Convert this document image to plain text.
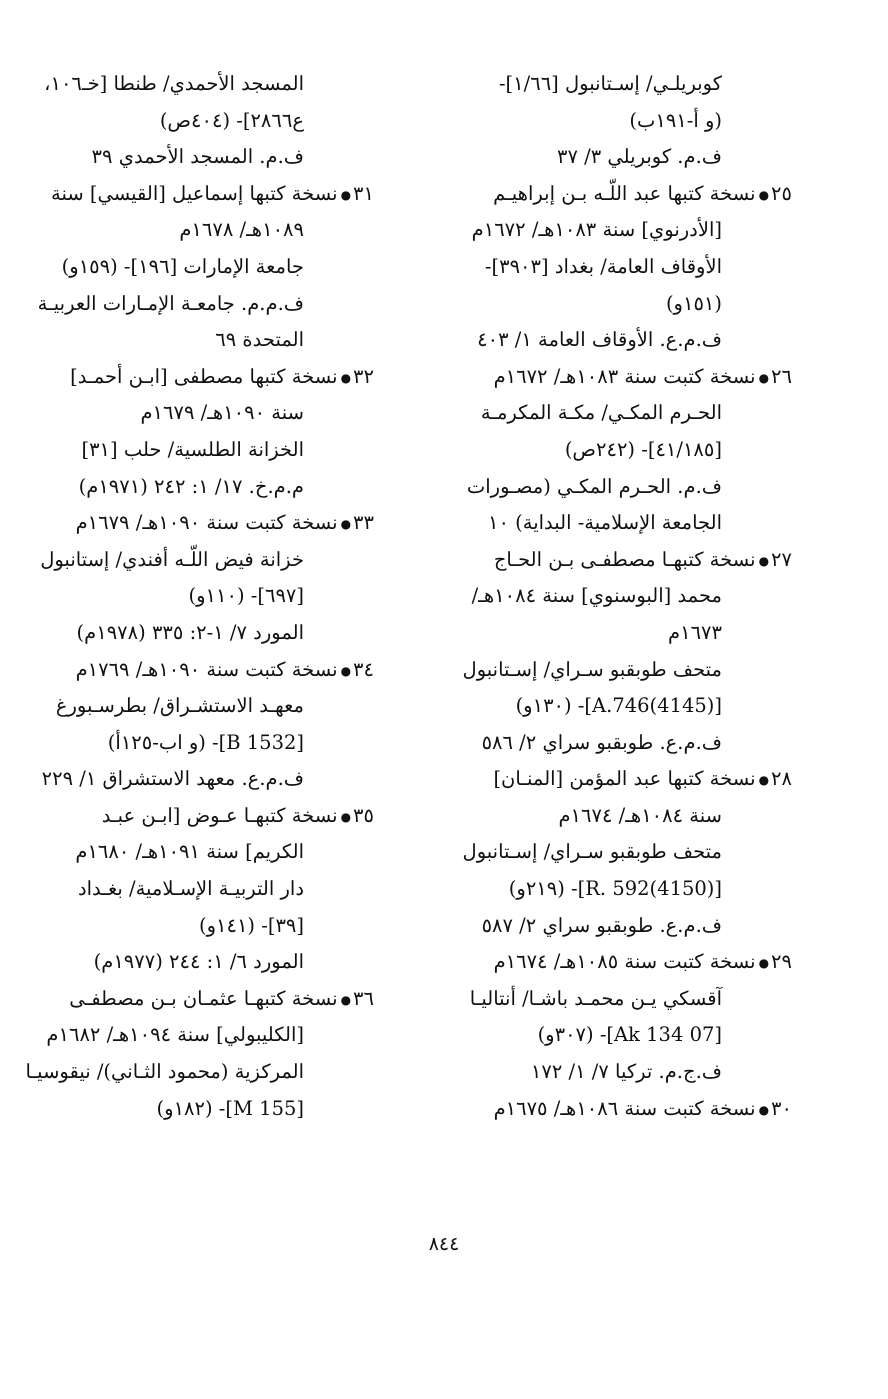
كوبريلـي/ إسـتانبول [١/٦٦]-
(و أ-١٩١ب)
ف.م. كوبريلي ٣/ ٣٧
٢٥●نسخة كتبها عبد اللّـه بـن إبراهيـم
[الأدرنوي] سنة ١٠٨٣هـ/ ١٦٧٢م
الأوقاف العامة/ بغداد [٣٩٠٣]-
(١٥١و)
ف.م.ع. الأوقاف العامة ١/ ٤٠٣
٢٦●نسخة كتبت سنة ١٠٨٣هـ/ ١٦٧٢م
الحـرم المكـي/ مكـة المكرمـة
[٤١/١٨٥]- (٢٤٢ص)
ف.م. الحـرم المكـي (مصـورات
الجامعة الإسلامية- البداية) ١٠
٢٧●نسخة كتبهـا مصطفـى بـن الحـاج
محمد [البوسنوي] سنة ١٠٨٤هـ/
١٦٧٣م
متحف طوبقبو سـراي/ إسـتانبول
[A.746(4145)]- (١٣٠و)
ف.م.ع. طوبقبو سراي ٢/ ٥٨٦
٢٨●نسخة كتبها عبد المؤمن [المنـان]
سنة ١٠٨٤هـ/ ١٦٧٤م
متحف طوبقبو سـراي/ إسـتانبول
[R. 592(4150)]- (٢١٩و)
ف.م.ع. طوبقبو سراي ٢/ ٥٨٧
٢٩●نسخة كتبت سنة ١٠٨٥هـ/ ١٦٧٤م
آقسكي يـن محمـد باشـا/ أنتاليـا
[07 Ak 134]- (٣٠٧و)
ف.ج.م. تركيا ٧/ ١/ ١٧٢
٣٠●نسخة كتبت سنة ١٠٨٦هـ/ ١٦٧٥م
المسجد الأحمدي/ طنطا [خـ١٠٦،
ع٢٨٦٦]- (٤٠٤ص)
ف.م. المسجد الأحمدي ٣٩
٣١●نسخة كتبها إسماعيل [القيسي] سنة
١٠٨٩هـ/ ١٦٧٨م
جامعة الإمارات [١٩٦]- (١٥٩و)
ف.م.م. جامعـة الإمـارات العربيـة
المتحدة ٦٩
٣٢●نسخة كتبها مصطفى [ابـن أحمـد]
سنة ١٠٩٠هـ/ ١٦٧٩م
الخزانة الطلسية/ حلب [٣١]
م.م.خ. ١٧/ ١: ٢٤٢ (١٩٧١م)
٣٣●نسخة كتبت سنة ١٠٩٠هـ/ ١٦٧٩م
خزانة فيض اللّـه أفندي/ إستانبول
[٦٩٧]- (١١٠و)
المورد ٧/ ١-٢: ٣٣٥ (١٩٧٨م)
٣٤●نسخة كتبت سنة ١٠٩٠هـ/ ١٧٦٩م
معهـد الاستشـراق/ بطرسـبورغ
[B 1532]- (و اب-١٢٥أ)
ف.م.ع. معهد الاستشراق ١/ ٢٢٩
٣٥●نسخة كتبهـا عـوض [ابـن عبـد
الكريم] سنة ١٠٩١هـ/ ١٦٨٠م
دار التربيـة الإسـلامية/ بغـداد
[٣٩]- (١٤١و)
المورد ٦/ ١: ٢٤٤ (١٩٧٧م)
٣٦●نسخة كتبهـا عثمـان بـن مصطفـى
[الكليبولي] سنة ١٠٩٤هـ/ ١٦٨٢م
المركزية (محمود الثـاني)/ نيقوسيـا
[M 155]- (١٨٢و)
٨٤٤
